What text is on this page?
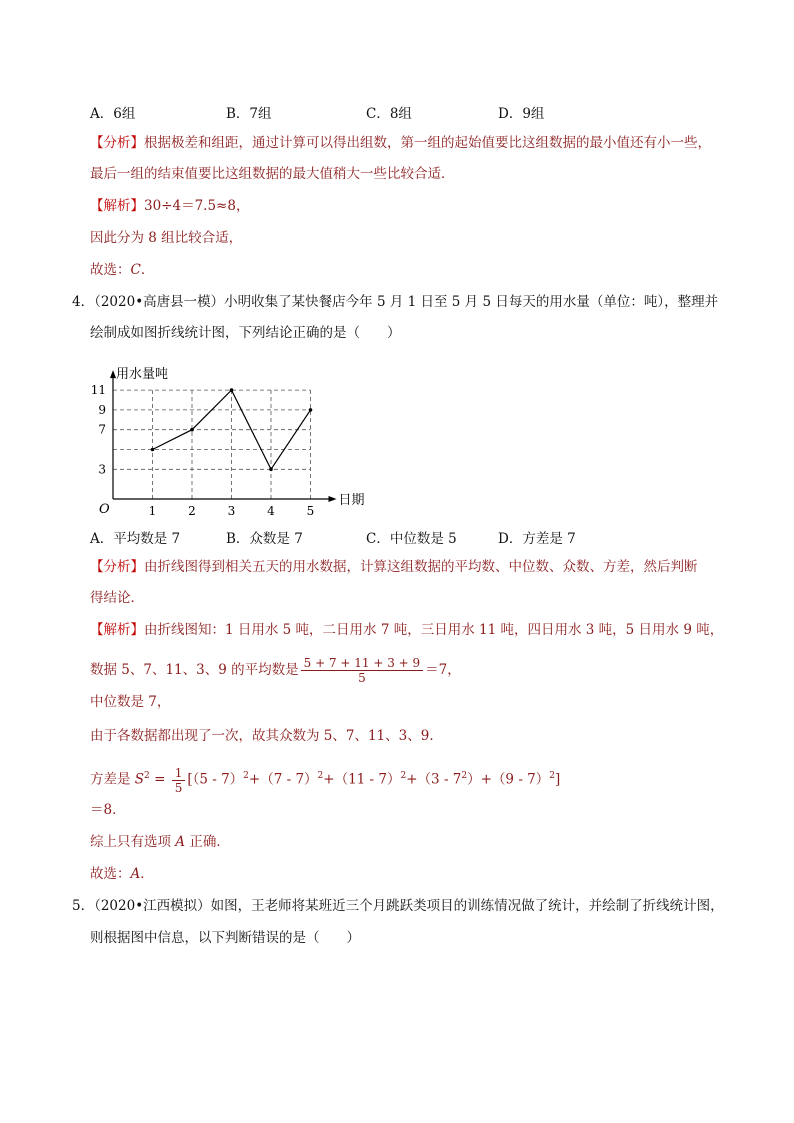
A．6组	B．7组	C．8组	D．9组
【分析】根据极差和组距，通过计算可以得出组数，第一组的起始值要比这组数据的最小值还有小一些，
最后一组的结束值要比这组数据的最大值稍大一些比较合适．
【解析】30÷4＝7.5≈8，
因此分为 8 组比较合适，
故选：C．
4．（2020•高唐县一模）小明收集了某快餐店今年 5 月 1 日至 5 月 5 日每天的用水量（单位：吨），整理并
绘制成如图折线统计图，下列结论正确的是（　　）
3
7
9
11
1	2	3	4	5
O
用水量吨
日期
A．平均数是 7	B．众数是 7	C．中位数是 5	D．方差是 7
【分析】由折线图得到相关五天的用水数据，计算这组数据的平均数、中位数、众数、方差，然后判断
得结论．
【解析】由折线图知：1 日用水 5 吨，二日用水 7 吨，三日用水 11 吨，四日用水 3 吨，5 日用水 9 吨，
数据 5、7、11、3、9 的平均数是 $\frac{5 + 7 + 11 + 3 + 9}{5} =7$，
中位数是 7，
由于各数据都出现了一次，故其众数为 5、7、11、3、9．
方差是 $S^2 = \frac{1}{5} [(5 - 7)^2+(7 - 7)^2+(11 - 7)^2+(3 - 7^2)+(9 - 7)^2]$
＝8．
综上只有选项 A 正确．
故选：A．
5．（2020•江西模拟）如图，王老师将某班近三个月跳跃类项目的训练情况做了统计，并绘制了折线统计图，
则根据图中信息，以下判断错误的是（　　）
